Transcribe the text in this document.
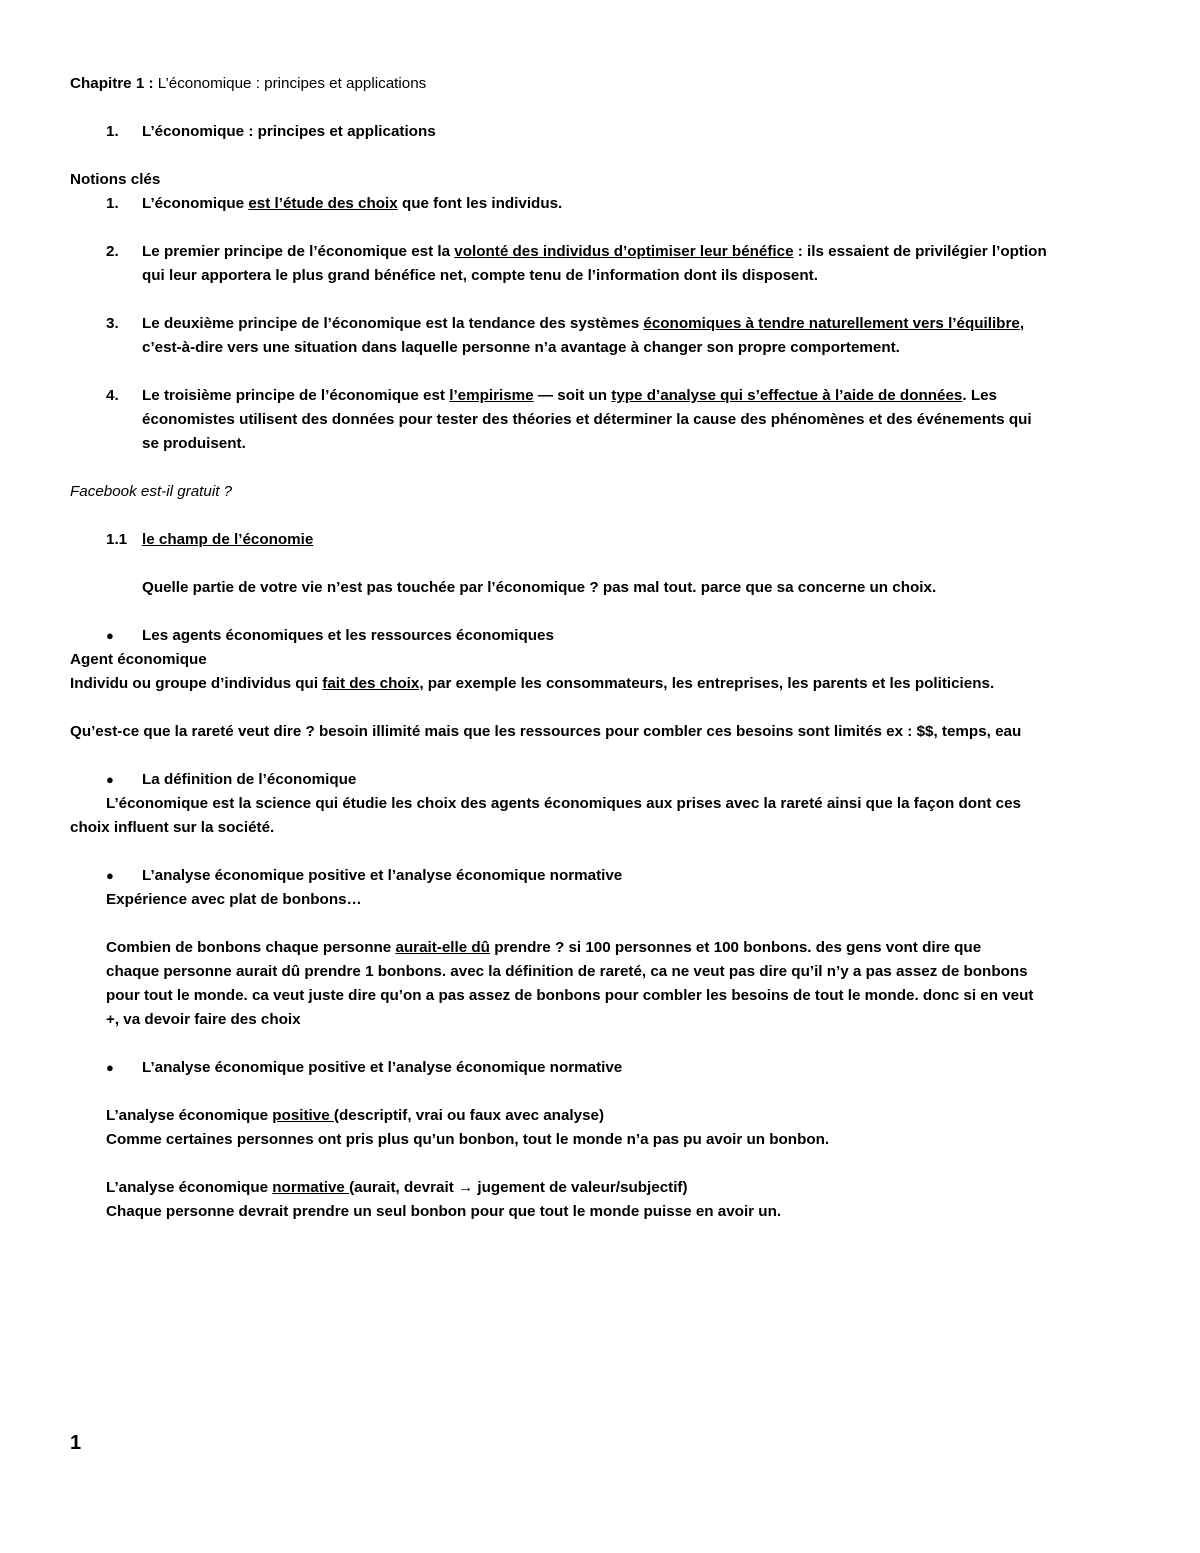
Chapitre 1 : L’économique : principes et applications
1. L’économique : principes et applications
Notions clés
1. L’économique est l’étude des choix que font les individus.
2. Le premier principe de l’économique est la volonté des individus d’optimiser leur bénéfice : ils essaient de privilégier l’option
qui leur apportera le plus grand bénéfice net, compte tenu de l’information dont ils disposent.
3. Le deuxième principe de l’économique est la tendance des systèmes économiques à tendre naturellement vers l’équilibre,
c’est-à-dire vers une situation dans laquelle personne n’a avantage à changer son propre comportement.
4. Le troisième principe de l’économique est l’empirisme — soit un type d’analyse qui s’effectue à l’aide de données. Les
économistes utilisent des données pour tester des théories et déterminer la cause des phénomènes et des événements qui
se produisent.
Facebook est-il gratuit ?
1.1 le champ de l’économie
Quelle partie de votre vie n’est pas touchée par l’économique ? pas mal tout. parce que sa concerne un choix.
● Les agents économiques et les ressources économiques
Agent économique
Individu ou groupe d’individus qui fait des choix, par exemple les consommateurs, les entreprises, les parents et les politiciens.
Qu’est-ce que la rareté veut dire ? besoin illimité mais que les ressources pour combler ces besoins sont limités ex : $$, temps, eau
● La définition de l’économique
L’économique est la science qui étudie les choix des agents économiques aux prises avec la rareté ainsi que la façon dont ces
choix influent sur la société.
● L’analyse économique positive et l’analyse économique normative
Expérience avec plat de bonbons…
Combien de bonbons chaque personne aurait-elle dû prendre ? si 100 personnes et 100 bonbons. des gens vont dire que
chaque personne aurait dû prendre 1 bonbons. avec la définition de rareté, ca ne veut pas dire qu’il n’y a pas assez de bonbons
pour tout le monde. ca veut juste dire qu’on a pas assez de bonbons pour combler les besoins de tout le monde. donc si en veut
+, va devoir faire des choix
● L’analyse économique positive et l’analyse économique normative
L’analyse économique positive (descriptif, vrai ou faux avec analyse)
Comme certaines personnes ont pris plus qu’un bonbon, tout le monde n’a pas pu avoir un bonbon.
L’analyse économique normative (aurait, devrait → jugement de valeur/subjectif)
Chaque personne devrait prendre un seul bonbon pour que tout le monde puisse en avoir un.
1
